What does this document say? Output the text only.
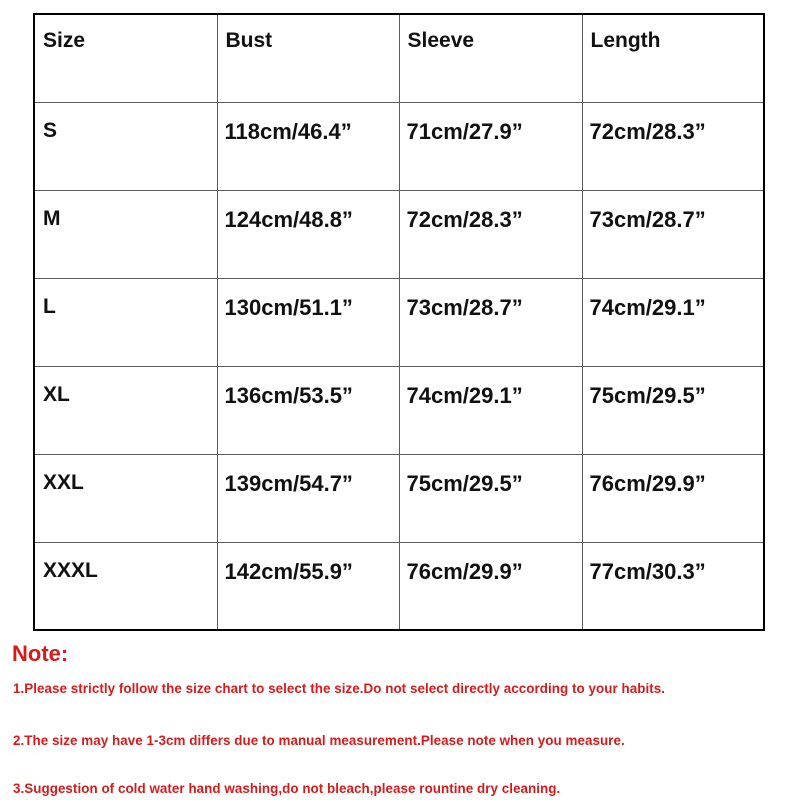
Size	Bust	Sleeve	Length
S	118cm/46.4”	71cm/27.9”	72cm/28.3”
M	124cm/48.8”	72cm/28.3”	73cm/28.7”
L	130cm/51.1”	73cm/28.7”	74cm/29.1”
XL	136cm/53.5”	74cm/29.1”	75cm/29.5”
XXL	139cm/54.7”	75cm/29.5”	76cm/29.9”
XXXL	142cm/55.9”	76cm/29.9”	77cm/30.3”

Note:

1.Please strictly follow the size chart to select the size.Do not select directly according to your habits.

2.The size may have 1-3cm differs due to manual measurement.Please note when you measure.

3.Suggestion of cold water hand washing,do not bleach,please rountine dry cleaning.
